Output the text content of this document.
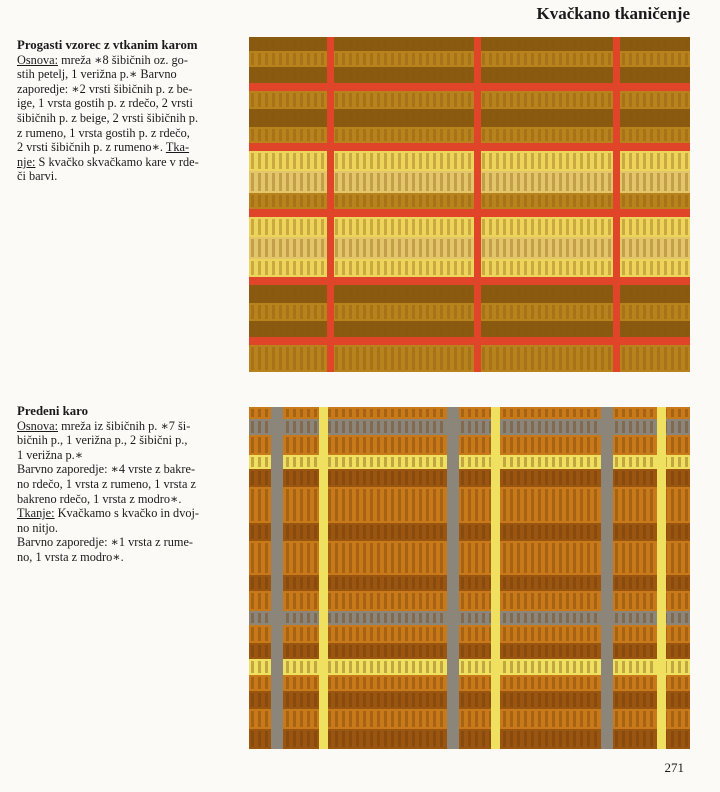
Kvačkano tkaničenje
Progasti vzorec z vtkanim karom
Osnova: mreža ∗8 šibičnih oz. go-
stih petelj, 1 verižna p.∗ Barvno
zaporedje: ∗2 vrsti šibičnih p. z be-
ige, 1 vrsta gostih p. z rdečo, 2 vrsti
šibičnih p. z beige, 2 vrsti šibičnih p.
z rumeno, 1 vrsta gostih p. z rdečo,
2 vrsti šibičnih p. z rumeno∗. Tka-
nje: S kvačko skvačkamo kare v rde-
či barvi.
Predeni karo
Osnova: mreža iz šibičnih p. ∗7 ši-
bičnih p., 1 verižna p., 2 šibični p.,
1 verižna p.∗
Barvno zaporedje: ∗4 vrste z bakre-
no rdečo, 1 vrsta z rumeno, 1 vrsta z
bakreno rdečo, 1 vrsta z modro∗.
Tkanje: Kvačkamo s kvačko in dvoj-
no nitjo.
Barvno zaporedje: ∗1 vrsta z rume-
no, 1 vrsta z modro∗.
271
